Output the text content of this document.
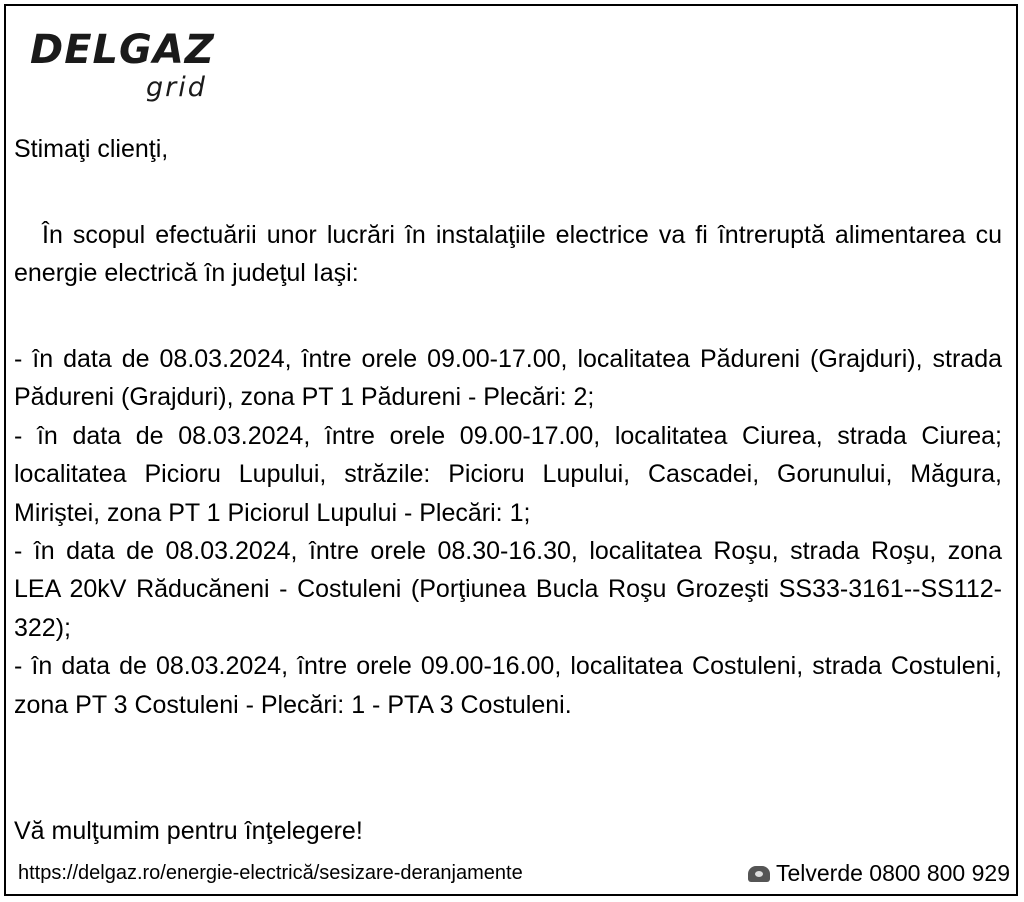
DELGAZ
grid
Stimaţi clienţi,
În scopul efectuării unor lucrări în instalaţiile electrice va fi întreruptă alimentarea cu energie electrică în judeţul Iaşi:

- în data de 08.03.2024, între orele 09.00-17.00, localitatea Pădureni (Grajduri), strada Pădureni (Grajduri), zona PT 1 Pădureni - Plecări: 2;

- în data de 08.03.2024, între orele 09.00-17.00, localitatea Ciurea, strada Ciurea; localitatea Picioru Lupului, străzile: Picioru Lupului, Cascadei, Gorunului, Măgura, Miriştei, zona PT 1 Piciorul Lupului - Plecări: 1;

- în data de 08.03.2024, între orele 08.30-16.30, localitatea Roşu, strada Roşu, zona LEA 20kV Răducăneni - Costuleni (Porţiunea Bucla Roşu Grozeşti SS33-3161--SS112-322);

- în data de 08.03.2024, între orele 09.00-16.00, localitatea Costuleni, strada Costuleni, zona PT 3 Costuleni - Plecări: 1 - PTA 3 Costuleni.

Vă mulţumim pentru înţelegere!
https://delgaz.ro/energie-electrică/sesizare-deranjamente	Telverde 0800 800 929
